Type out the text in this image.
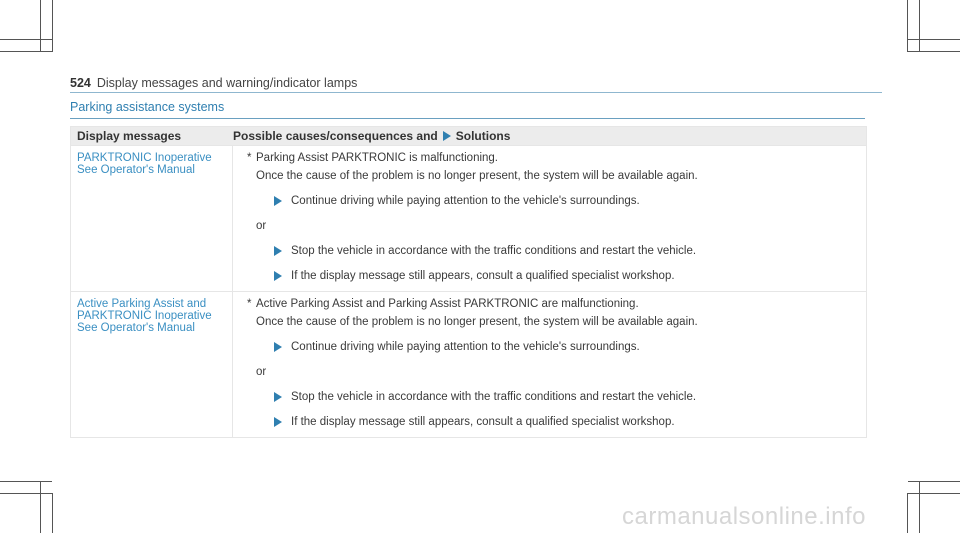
524 Display messages and warning/indicator lamps
Parking assistance systems
Display messages	Possible causes/consequences and Solutions
PARKTRONIC Inoperative
See Operator's Manual
* Parking Assist PARKTRONIC is malfunctioning.
Once the cause of the problem is no longer present, the system will be available again.
Continue driving while paying attention to the vehicle's surroundings.
or
Stop the vehicle in accordance with the traffic conditions and restart the vehicle.
If the display message still appears, consult a qualified specialist workshop.
Active Parking Assist and
PARKTRONIC Inoperative
See Operator's Manual
* Active Parking Assist and Parking Assist PARKTRONIC are malfunctioning.
Once the cause of the problem is no longer present, the system will be available again.
Continue driving while paying attention to the vehicle's surroundings.
or
Stop the vehicle in accordance with the traffic conditions and restart the vehicle.
If the display message still appears, consult a qualified specialist workshop.
carmanualsonline.info
